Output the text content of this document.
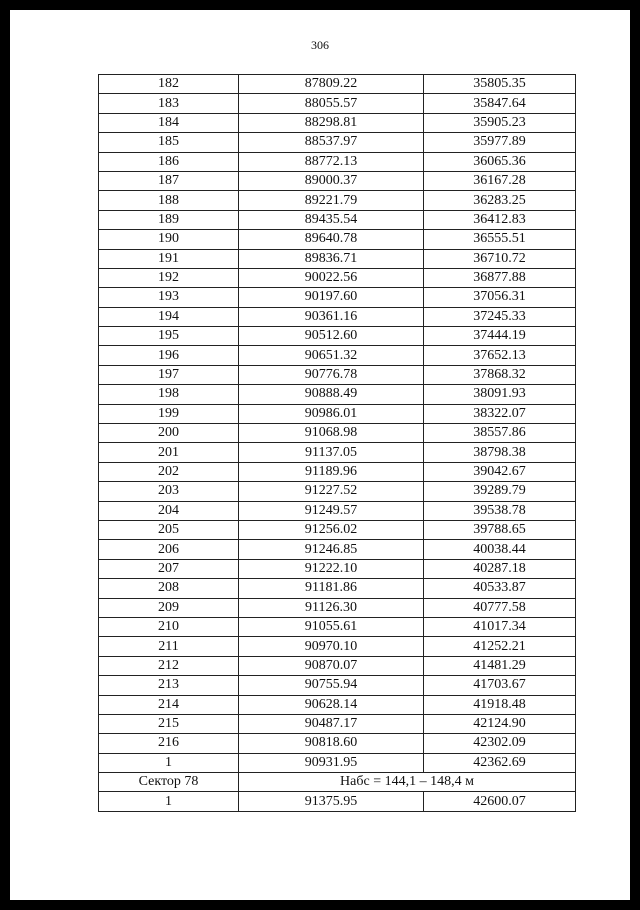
306
182	87809.22	35805.35
183	88055.57	35847.64
184	88298.81	35905.23
185	88537.97	35977.89
186	88772.13	36065.36
187	89000.37	36167.28
188	89221.79	36283.25
189	89435.54	36412.83
190	89640.78	36555.51
191	89836.71	36710.72
192	90022.56	36877.88
193	90197.60	37056.31
194	90361.16	37245.33
195	90512.60	37444.19
196	90651.32	37652.13
197	90776.78	37868.32
198	90888.49	38091.93
199	90986.01	38322.07
200	91068.98	38557.86
201	91137.05	38798.38
202	91189.96	39042.67
203	91227.52	39289.79
204	91249.57	39538.78
205	91256.02	39788.65
206	91246.85	40038.44
207	91222.10	40287.18
208	91181.86	40533.87
209	91126.30	40777.58
210	91055.61	41017.34
211	90970.10	41252.21
212	90870.07	41481.29
213	90755.94	41703.67
214	90628.14	41918.48
215	90487.17	42124.90
216	90818.60	42302.09
1	90931.95	42362.69
Сектор 78	Набс = 144,1 – 148,4 м	
1	91375.95	42600.07
